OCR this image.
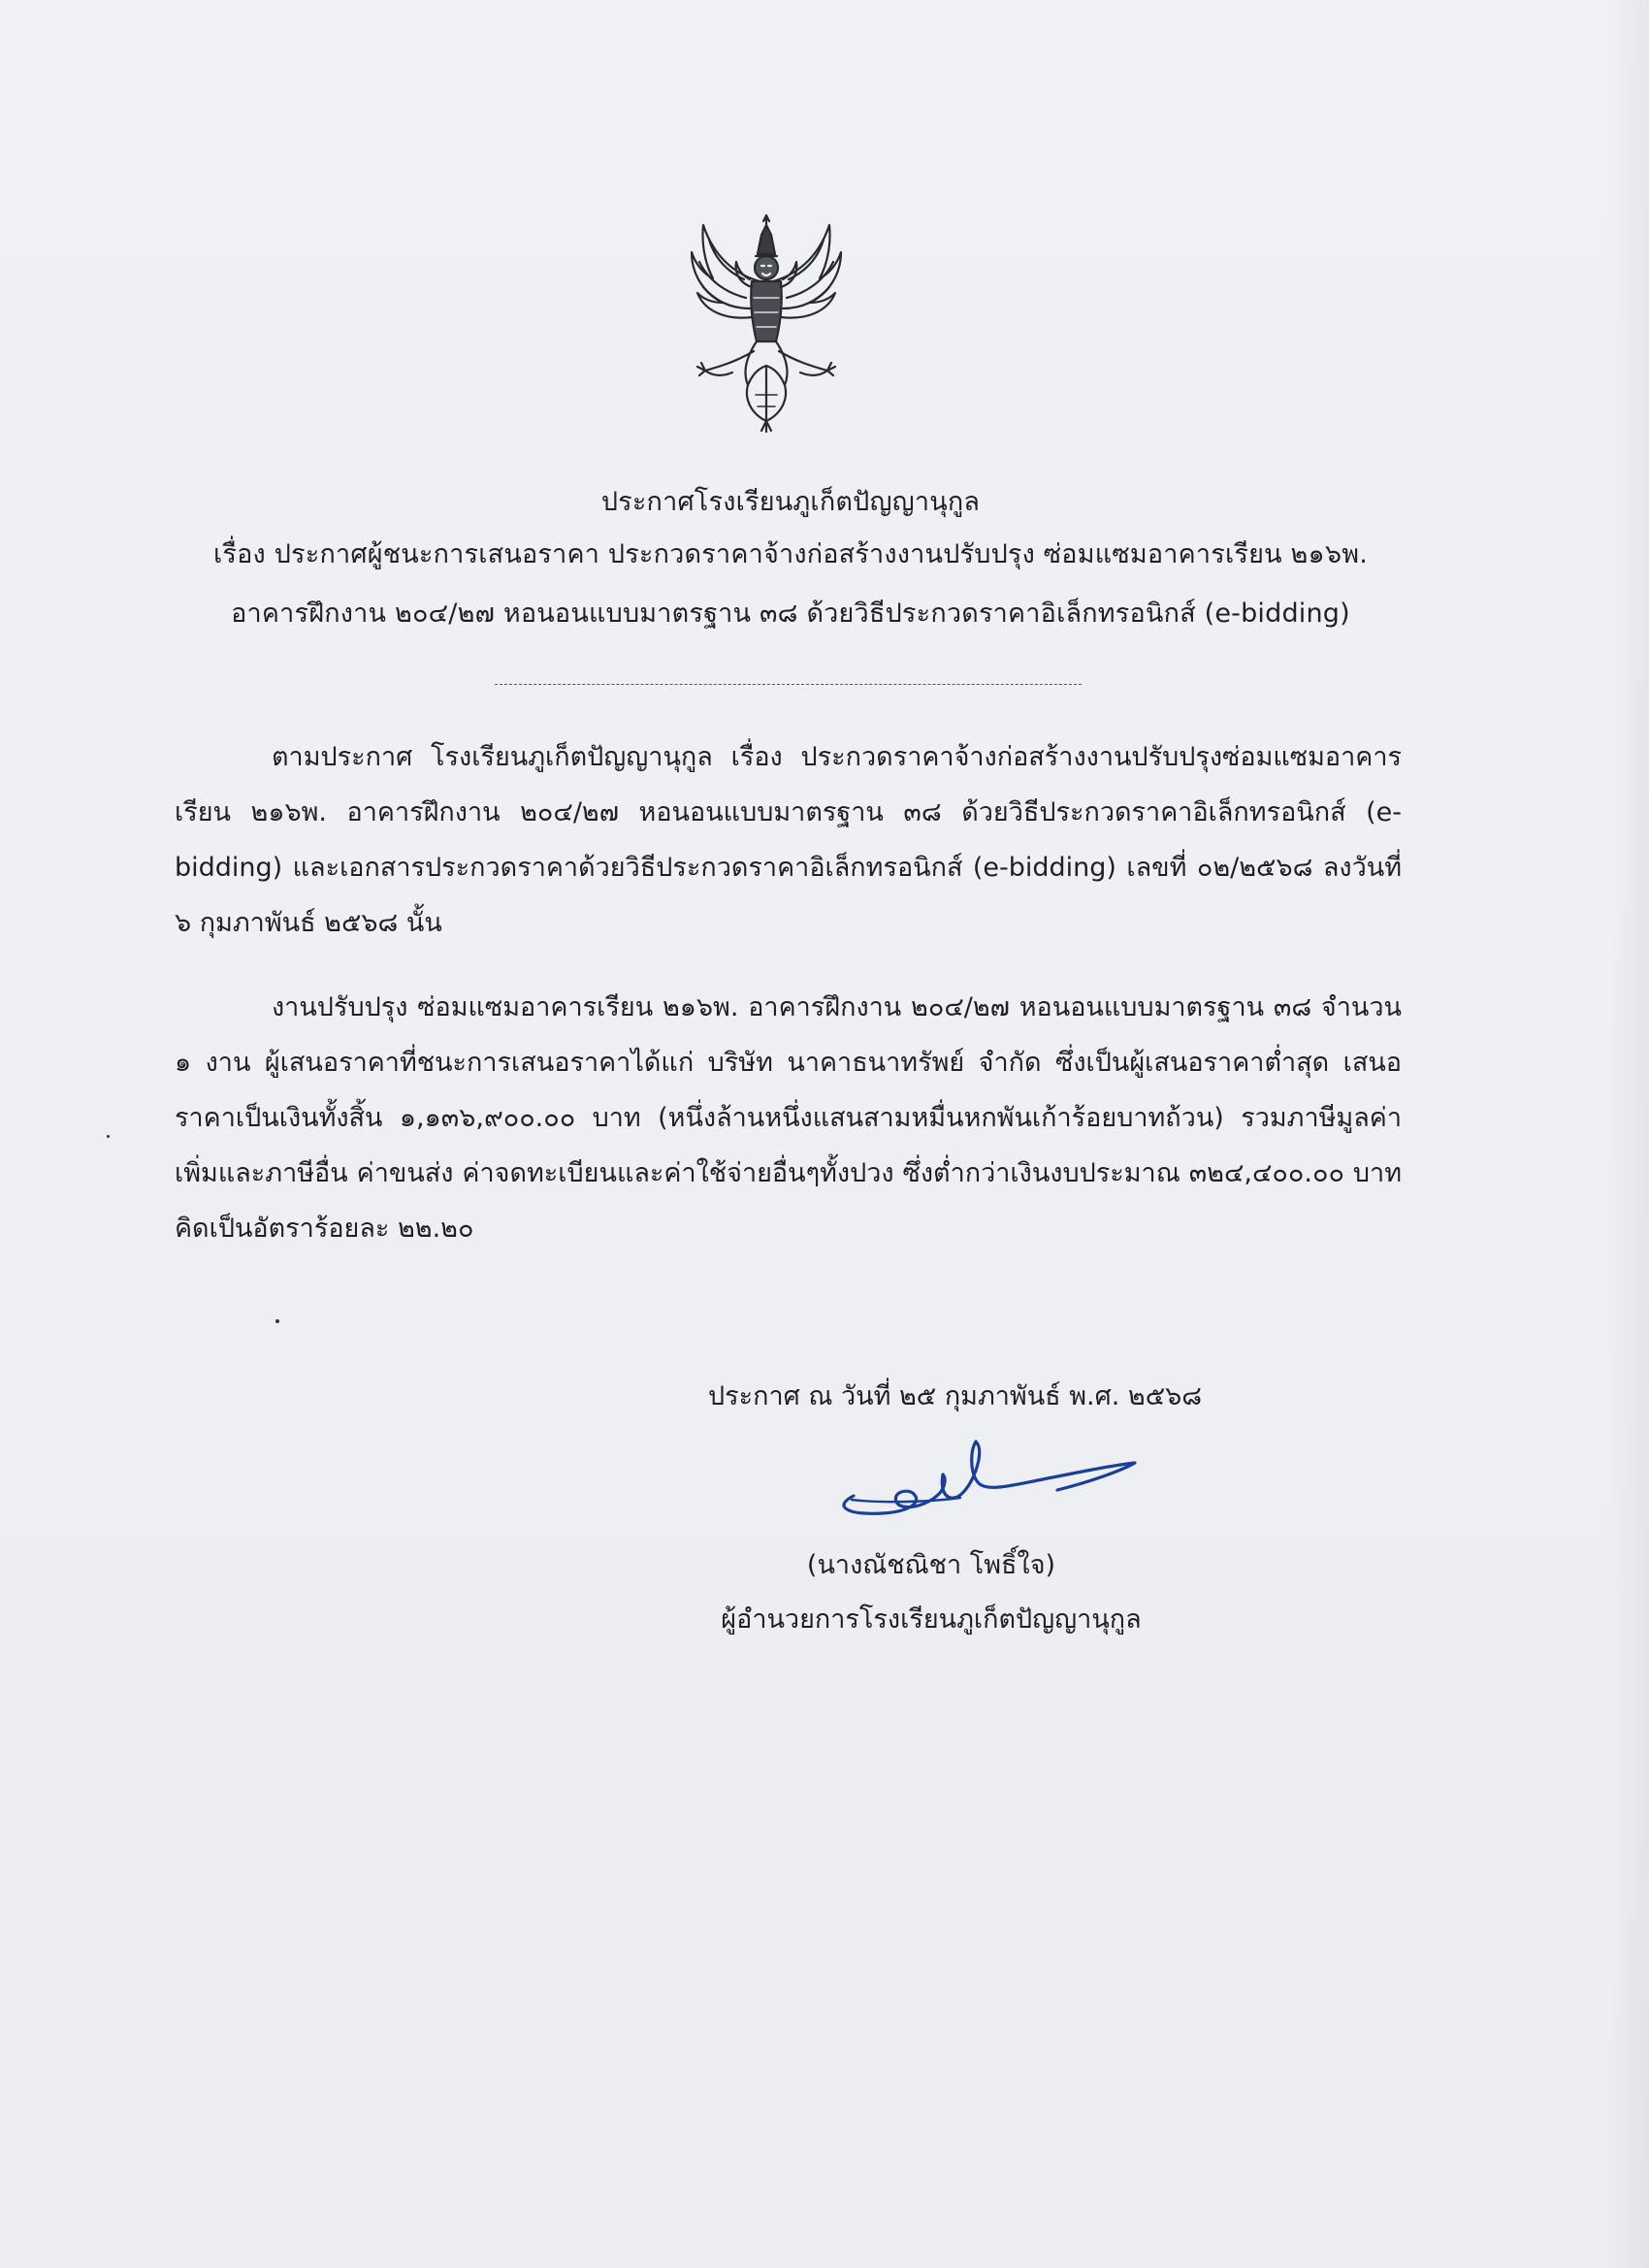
ประกาศโรงเรียนภูเก็ตปัญญานุกูล
เรื่อง ประกาศผู้ชนะการเสนอราคา ประกวดราคาจ้างก่อสร้างงานปรับปรุง ซ่อมแซมอาคารเรียน ๒๑๖พ.
อาคารฝึกงาน ๒๐๔/๒๗ หอนอนแบบมาตรฐาน ๓๘ ด้วยวิธีประกวดราคาอิเล็กทรอนิกส์ (e-bidding)

ตามประกาศ โรงเรียนภูเก็ตปัญญานุกูล เรื่อง ประกวดราคาจ้างก่อสร้างงานปรับปรุงซ่อมแซมอาคารเรียน ๒๑๖พ. อาคารฝึกงาน ๒๐๔/๒๗ หอนอนแบบมาตรฐาน ๓๘ ด้วยวิธีประกวดราคาอิเล็กทรอนิกส์ (e-bidding) และเอกสารประกวดราคาด้วยวิธีประกวดราคาอิเล็กทรอนิกส์ (e-bidding) เลขที่ ๐๒/๒๕๖๘ ลงวันที่ ๖ กุมภาพันธ์ ๒๕๖๘ นั้น

งานปรับปรุง ซ่อมแซมอาคารเรียน ๒๑๖พ. อาคารฝึกงาน ๒๐๔/๒๗ หอนอนแบบมาตรฐาน ๓๘ จำนวน ๑ งาน ผู้เสนอราคาที่ชนะการเสนอราคาได้แก่ บริษัท นาคาธนาทรัพย์ จำกัด ซึ่งเป็นผู้เสนอราคาต่ำสุด เสนอราคาเป็นเงินทั้งสิ้น ๑,๑๓๖,๙๐๐.๐๐ บาท (หนึ่งล้านหนึ่งแสนสามหมื่นหกพันเก้าร้อยบาทถ้วน) รวมภาษีมูลค่าเพิ่มและภาษีอื่น ค่าขนส่ง ค่าจดทะเบียนและค่าใช้จ่ายอื่นๆทั้งปวง ซึ่งต่ำกว่าเงินงบประมาณ ๓๒๔,๔๐๐.๐๐ บาท คิดเป็นอัตราร้อยละ ๒๒.๒๐

ประกาศ ณ วันที่ ๒๕ กุมภาพันธ์ พ.ศ. ๒๕๖๘
(นางณัชณิชา โพธิ์ใจ)
ผู้อำนวยการโรงเรียนภูเก็ตปัญญานุกูล
